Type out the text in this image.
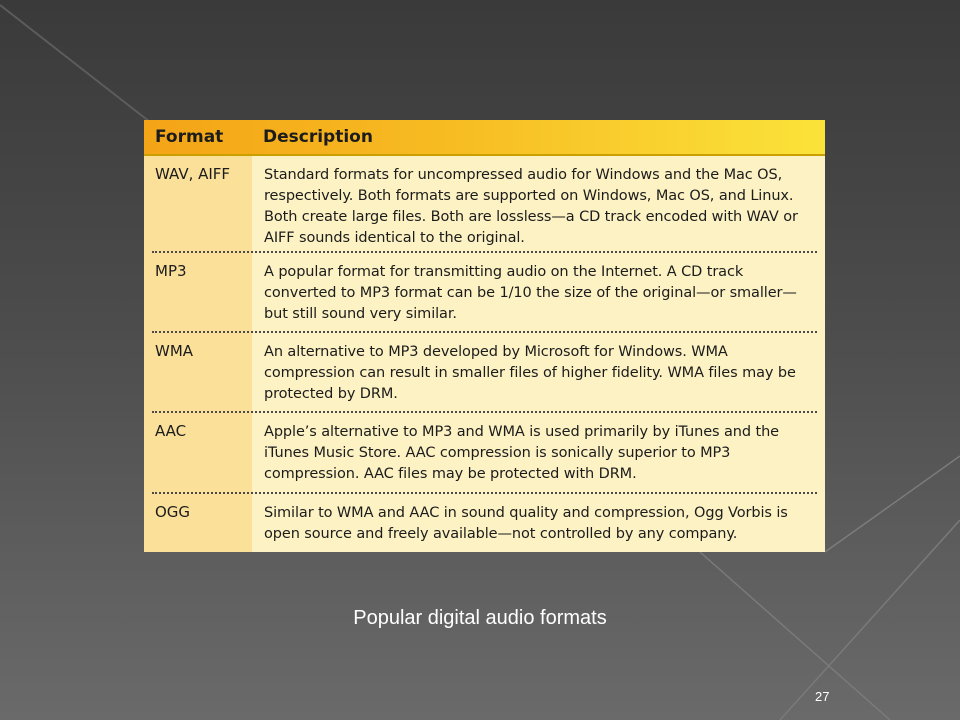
Format	Description
WAV, AIFF	Standard formats for uncompressed audio for Windows and the Mac OS, respectively. Both formats are supported on Windows, Mac OS, and Linux. Both create large files. Both are lossless—a CD track encoded with WAV or AIFF sounds identical to the original.
MP3	A popular format for transmitting audio on the Internet. A CD track converted to MP3 format can be 1/10 the size of the original—or smaller—but still sound very similar.
WMA	An alternative to MP3 developed by Microsoft for Windows. WMA compression can result in smaller files of higher fidelity. WMA files may be protected by DRM.
AAC	Apple’s alternative to MP3 and WMA is used primarily by iTunes and the iTunes Music Store. AAC compression is sonically superior to MP3 compression. AAC files may be protected with DRM.
OGG	Similar to WMA and AAC in sound quality and compression, Ogg Vorbis is open source and freely available—not controlled by any company.
Popular digital audio formats
27
